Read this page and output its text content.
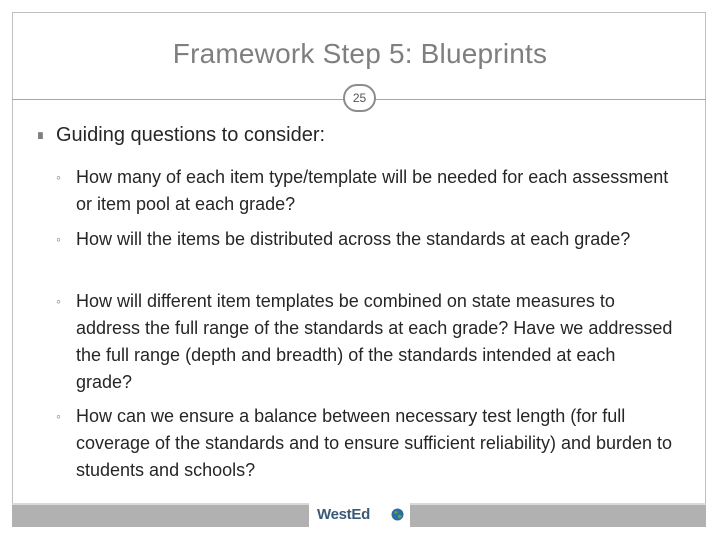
Framework Step 5: Blueprints
25
∎ Guiding questions to consider:
◦ How many of each item type/template will be needed for each assessment or item pool at each grade?
◦ How will the items be distributed across the standards at each grade?
◦ How will different item templates be combined on state measures to address the full range of the standards at each grade? Have we addressed the full range (depth and breadth) of the standards intended at each grade?
◦ How can we ensure a balance between necessary test length (for full coverage of the standards and to ensure sufficient reliability) and burden to students and schools?
WestEd
